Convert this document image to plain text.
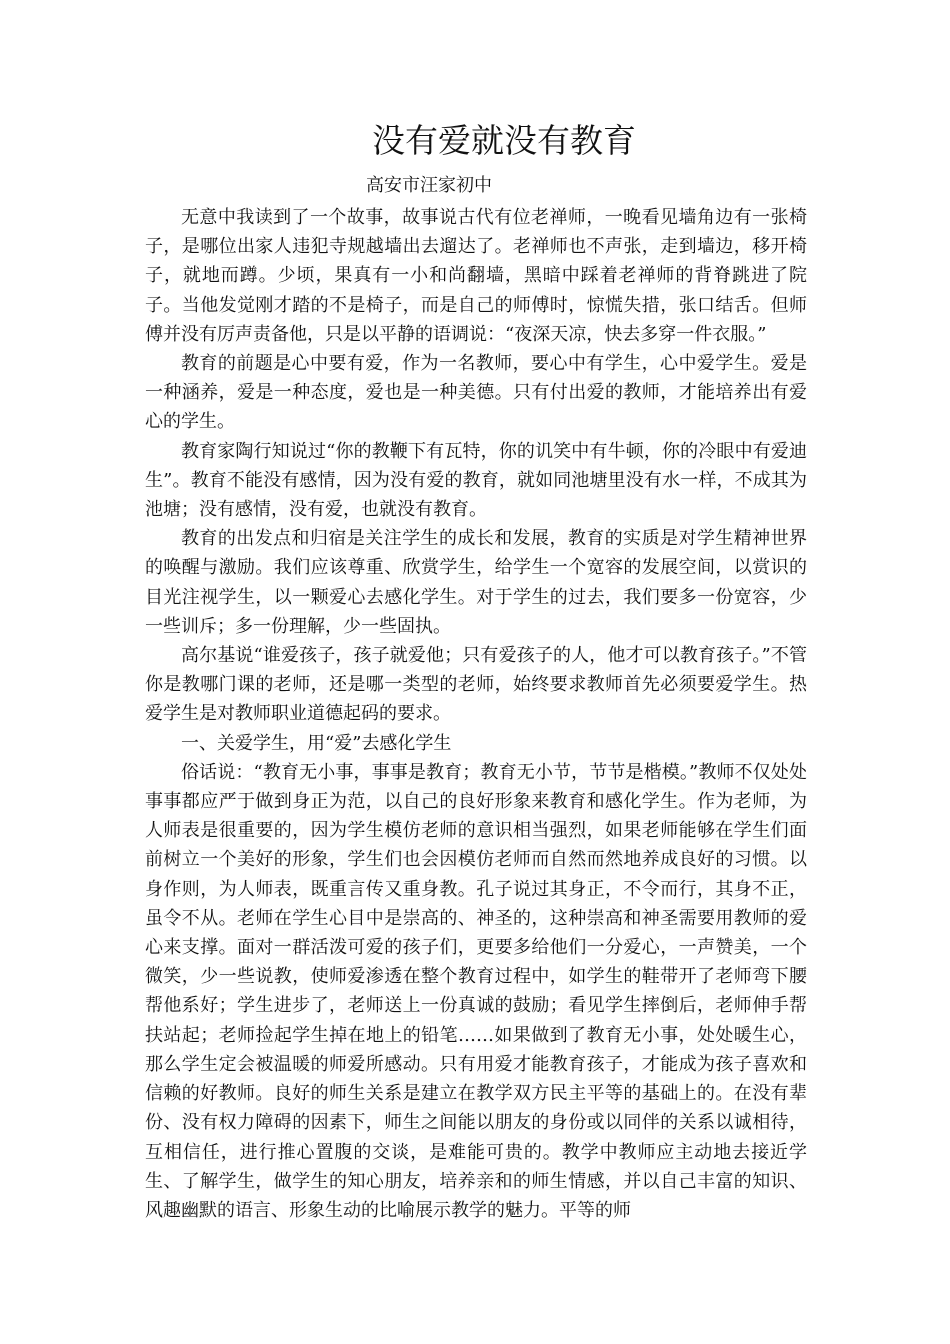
没有爱就没有教育
高安市汪家初中

无意中我读到了一个故事，故事说古代有位老禅师，一晚看见墙角边有一张椅子，是哪位出家人违犯寺规越墙出去遛达了。老禅师也不声张，走到墙边，移开椅子，就地而蹲。少顷，果真有一小和尚翻墙，黑暗中踩着老禅师的背脊跳进了院子。当他发觉刚才踏的不是椅子，而是自己的师傅时，惊慌失措，张口结舌。但师傅并没有厉声责备他，只是以平静的语调说：“夜深天凉，快去多穿一件衣服。”

教育的前题是心中要有爱，作为一名教师，要心中有学生，心中爱学生。爱是一种涵养，爱是一种态度，爱也是一种美德。只有付出爱的教师，才能培养出有爱心的学生。

教育家陶行知说过“你的教鞭下有瓦特，你的讥笑中有牛顿，你的冷眼中有爱迪生”。教育不能没有感情，因为没有爱的教育，就如同池塘里没有水一样，不成其为池塘；没有感情，没有爱，也就没有教育。

教育的出发点和归宿是关注学生的成长和发展，教育的实质是对学生精神世界的唤醒与激励。我们应该尊重、欣赏学生，给学生一个宽容的发展空间，以赏识的目光注视学生，以一颗爱心去感化学生。对于学生的过去，我们要多一份宽容，少一些训斥；多一份理解，少一些固执。

高尔基说“谁爱孩子，孩子就爱他；只有爱孩子的人，他才可以教育孩子。”不管你是教哪门课的老师，还是哪一类型的老师，始终要求教师首先必须要爱学生。热爱学生是对教师职业道德起码的要求。

一、关爱学生，用“爱”去感化学生

俗话说：“教育无小事，事事是教育；教育无小节，节节是楷模。”教师不仅处处事事都应严于做到身正为范，以自己的良好形象来教育和感化学生。作为老师，为人师表是很重要的，因为学生模仿老师的意识相当强烈，如果老师能够在学生们面前树立一个美好的形象，学生们也会因模仿老师而自然而然地养成良好的习惯。以身作则，为人师表，既重言传又重身教。孔子说过其身正，不令而行，其身不正，虽令不从。老师在学生心目中是崇高的、神圣的，这种崇高和神圣需要用教师的爱心来支撑。面对一群活泼可爱的孩子们，更要多给他们一分爱心，一声赞美，一个微笑，少一些说教，使师爱渗透在整个教育过程中，如学生的鞋带开了老师弯下腰帮他系好；学生进步了，老师送上一份真诚的鼓励；看见学生摔倒后，老师伸手帮扶站起；老师捡起学生掉在地上的铅笔……如果做到了教育无小事，处处暖生心，那么学生定会被温暖的师爱所感动。只有用爱才能教育孩子，才能成为孩子喜欢和信赖的好教师。良好的师生关系是建立在教学双方民主平等的基础上的。在没有辈份、没有权力障碍的因素下，师生之间能以朋友的身份或以同伴的关系以诚相待，互相信任，进行推心置腹的交谈，是难能可贵的。教学中教师应主动地去接近学生、了解学生，做学生的知心朋友，培养亲和的师生情感，并以自己丰富的知识、风趣幽默的语言、形象生动的比喻展示教学的魅力。平等的师
